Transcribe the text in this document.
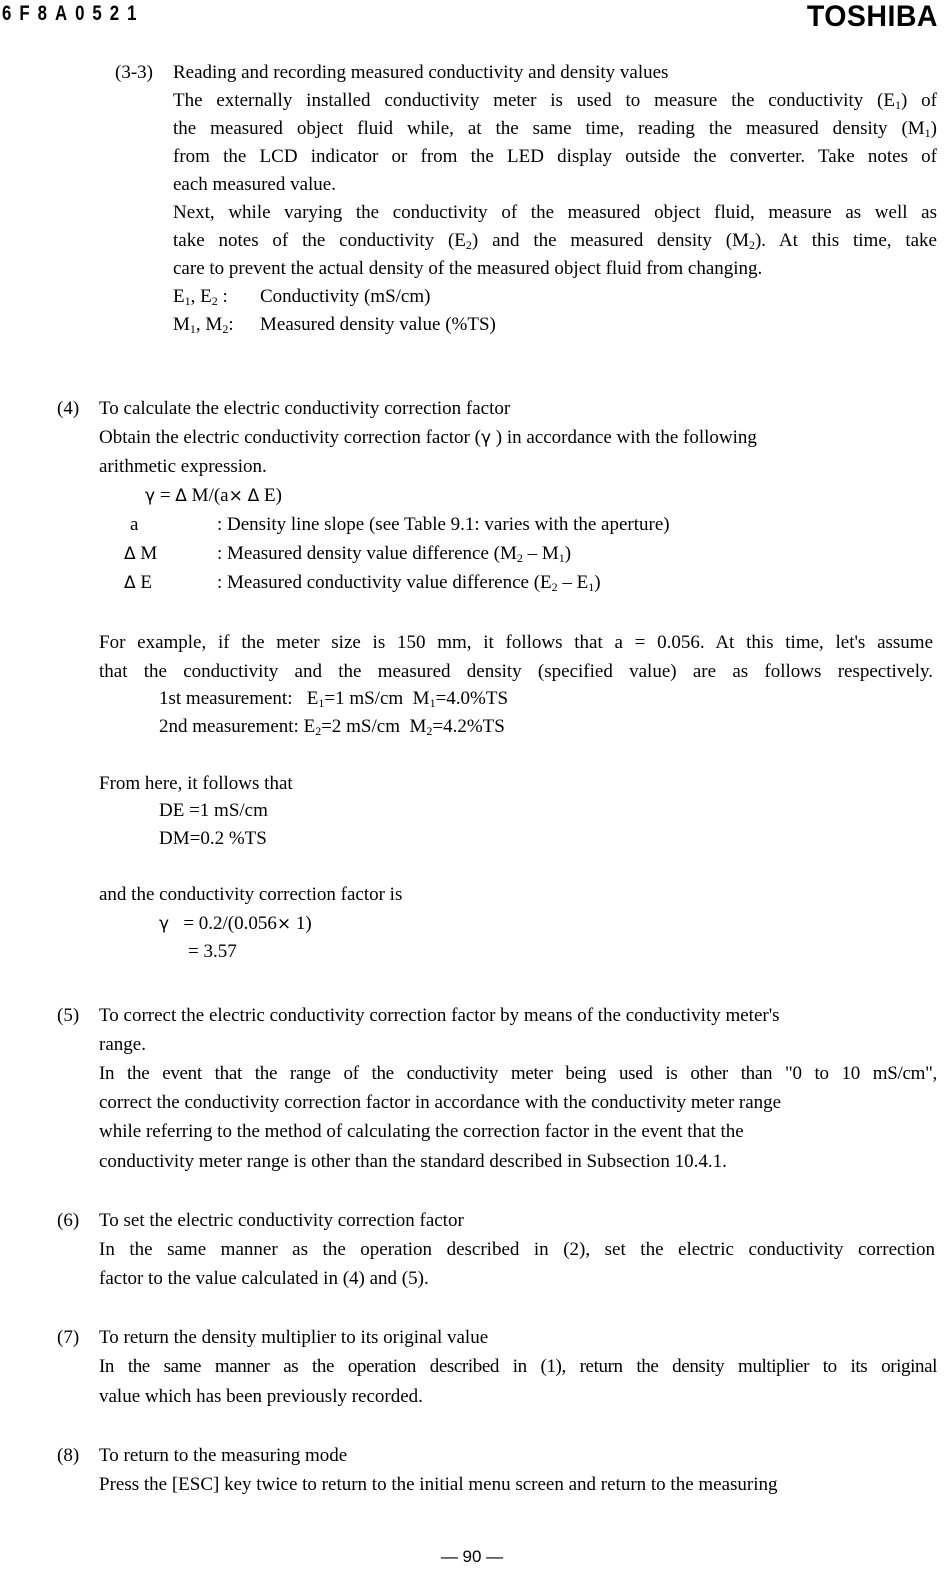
6F8A0521	TOSHIBA
(3-3) Reading and recording measured conductivity and density values
The externally installed conductivity meter is used to measure the conductivity $(E_1)$ of
the measured object fluid while, at the same time, reading the measured density $(M_1)$
from the LCD indicator or from the LED display outside the converter. Take notes of
each measured value.
Next, while varying the conductivity of the measured object fluid, measure as well as
take notes of the conductivity $(E_2)$ and the measured density $(M_2)$. At this time, take
care to prevent the actual density of the measured object fluid from changing.
$E_1$, $E_2$ : Conductivity (mS/cm)
$M_1$, $M_2$: Measured density value (%TS)
(4) To calculate the electric conductivity correction factor
Obtain the electric conductivity correction factor (γ ) in accordance with the following
arithmetic expression.
γ = Δ M/(a× Δ E)
a	: Density line slope (see Table 9.1: varies with the aperture)
Δ M	: Measured density value difference $(M_2 - M_1)$
Δ E	: Measured conductivity value difference $(E_2 - E_1)$
For example, if the meter size is 150 mm, it follows that a = 0.056. At this time, let's assume
that the conductivity and the measured density (specified value) are as follows respectively.
1st measurement:   $E_1=1$ mS/cm  $M_1=4.0\%TS$
2nd measurement: $E_2=2$ mS/cm  $M_2=4.2\%TS$
From here, it follows that
DE =1 mS/cm
DM=0.2 %TS
and the conductivity correction factor is
γ   = 0.2/(0.056× 1)
= 3.57
(5) To correct the electric conductivity correction factor by means of the conductivity meter's
range.
In the event that the range of the conductivity meter being used is other than "0 to 10 mS/cm",
correct the conductivity correction factor in accordance with the conductivity meter range
while referring to the method of calculating the correction factor in the event that the
conductivity meter range is other than the standard described in Subsection 10.4.1.
(6) To set the electric conductivity correction factor
In the same manner as the operation described in (2), set the electric conductivity correction
factor to the value calculated in (4) and (5).
(7) To return the density multiplier to its original value
In the same manner as the operation described in (1), return the density multiplier to its original
value which has been previously recorded.
(8) To return to the measuring mode
Press the [ESC] key twice to return to the initial menu screen and return to the measuring
— 90 —
